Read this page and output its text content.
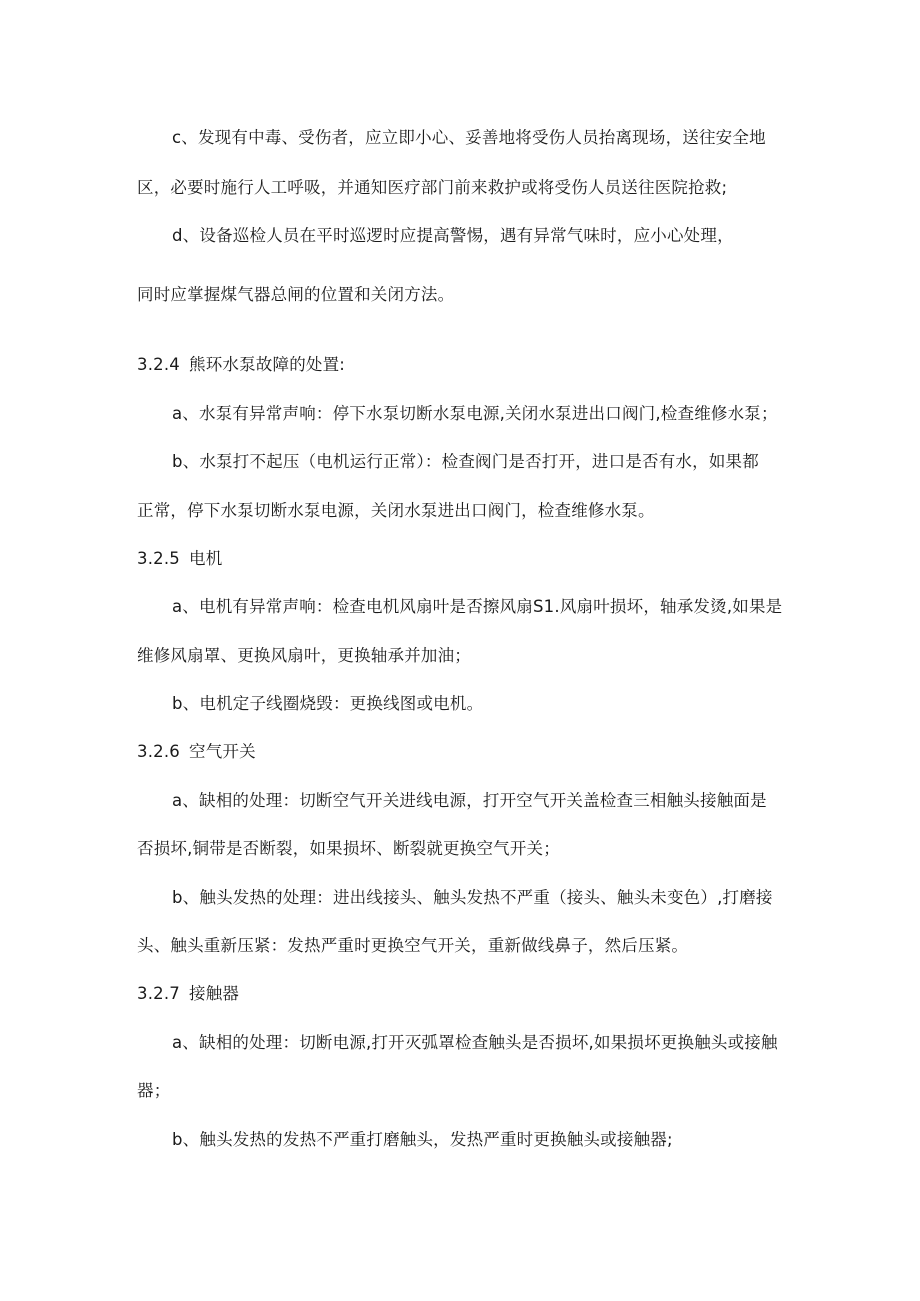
c、发现有中毒、受伤者，应立即小心、妥善地将受伤人员抬离现场，送往安全地
区，必要时施行人工呼吸，并通知医疗部门前来救护或将受伤人员送往医院抢救;
d、设备巡检人员在平时巡逻时应提高警惕，遇有异常气味时，应小心处理，
同时应掌握煤气器总闸的位置和关闭方法。
3.2.4 熊环水泵故障的处置:
a、水泵有异常声响：停下水泵切断水泵电源,关闭水泵进出口阀门,检查维修水泵；
b、水泵打不起压（电机运行正常）：检查阀门是否打开，进口是否有水，如果都
正常，停下水泵切断水泵电源，关闭水泵进出口阀门，检查维修水泵。
3.2.5 电机
a、电机有异常声响：检查电机风扇叶是否擦风扇S1.风扇叶损坏，轴承发烫,如果是
维修风扇罩、更换风扇叶，更换轴承并加油；
b、电机定子线圈烧毁：更换线图或电机。
3.2.6 空气开关
a、缺相的处理：切断空气开关进线电源，打开空气开关盖检查三相触头接触面是
否损坏,铜带是否断裂，如果损坏、断裂就更换空气开关；
b、触头发热的处理：进出线接头、触头发热不严重（接头、触头未变色）,打磨接
头、触头重新压紧：发热严重时更换空气开关，重新做线鼻子，然后压紧。
3.2.7 接触器
a、缺相的处理：切断电源,打开灭弧罩检查触头是否损坏,如果损坏更换触头或接触
器；
b、触头发热的发热不严重打磨触头，发热严重时更换触头或接触器;
